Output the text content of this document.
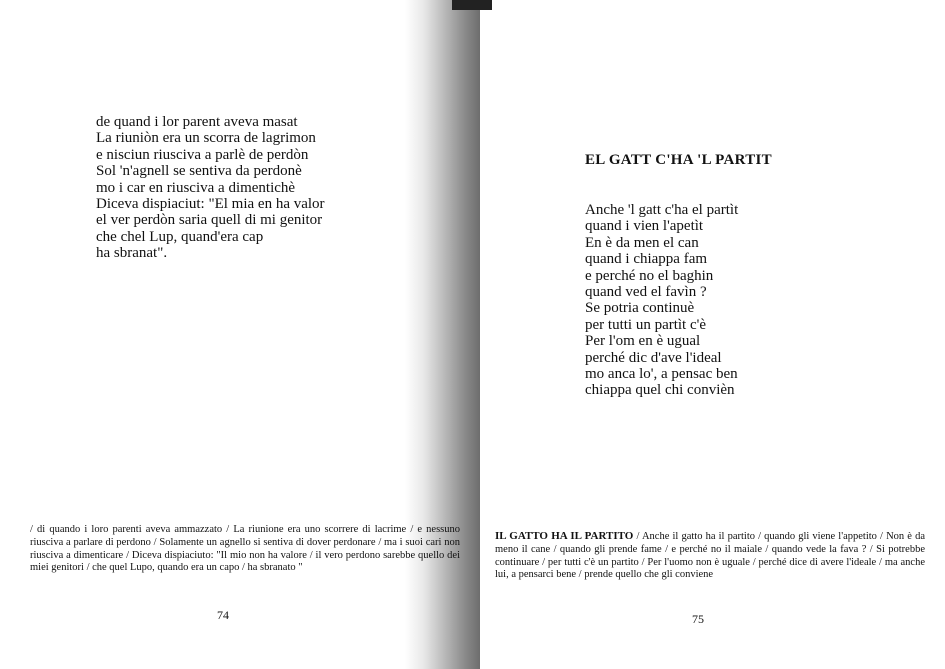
de quand i lor parent aveva masat
La riuniòn era un scorra de lagrimon
e nisciun riusciva a parlè de perdòn
Sol 'n'agnell se sentiva da perdonè
mo i car en riusciva a dimentichè
Diceva dispiaciut: "El mia en ha valor
el ver perdòn saria quell di mi genitor
che chel Lup, quand'era cap
ha sbranat".
/ di quando i loro parenti aveva ammazzato / La riunione era uno scorrere di lacrime / e nessuno riusciva a parlare di perdono / Solamente un agnello si sentiva di dover perdonare / ma i suoi cari non riusciva a dimenticare / Diceva dispiaciuto: "Il mio non ha valore / il vero perdono sarebbe quello dei miei genitori / che quel Lupo, quando era un capo / ha sbranato "
74
EL GATT C'HA 'L PARTIT
Anche 'l gatt c'ha el partìt
quand i vien l'apetìt
En è da men el can
quand i chiappa fam
e perché no el baghin
quand ved el favìn ?
Se potria continuè
per tutti un partìt c'è
Per l'om en è ugual
perché dic d'ave l'ideal
mo anca lo', a pensac ben
chiappa quel chi convièn
IL GATTO HA IL PARTITO / Anche il gatto ha il partito / quando gli viene l'appetito / Non è da meno il cane / quando gli prende fame / e perché no il maiale / quando vede la fava ? / Si potrebbe continuare / per tutti c'è un partito / Per l'uomo non è uguale / perché dice di avere l'ideale / ma anche lui, a pensarci bene / prende quello che gli conviene
75
